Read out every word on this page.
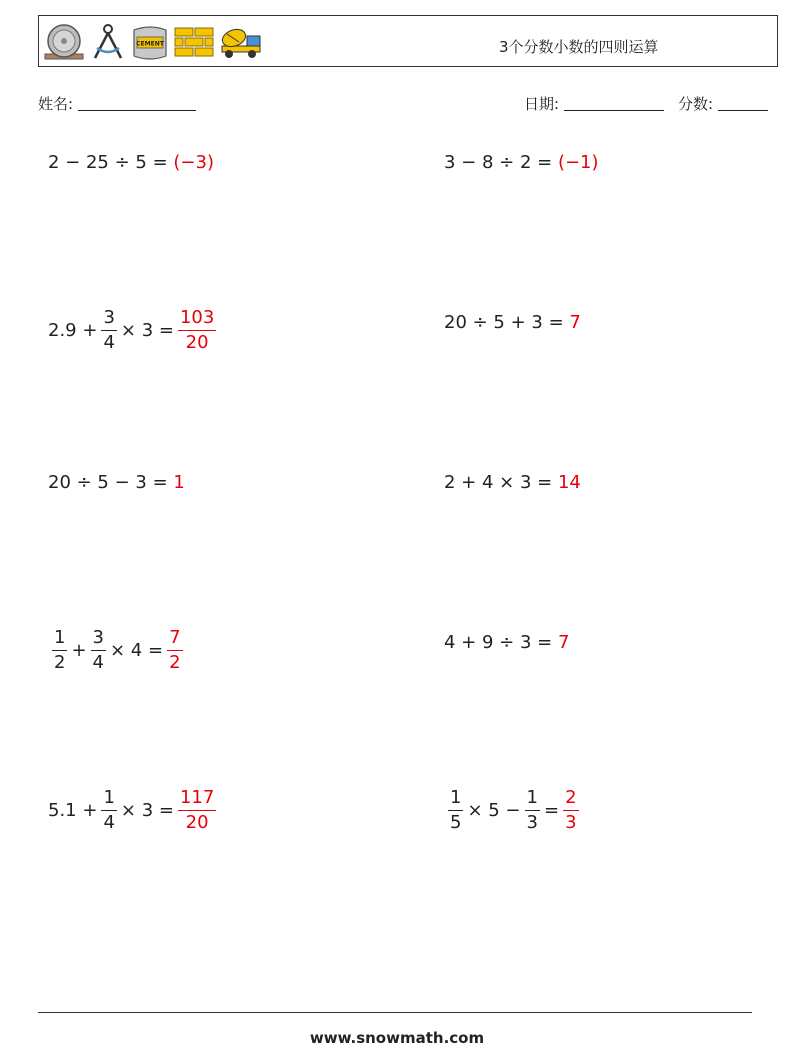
CEMENT	3个分数小数的四则运算
姓名:	日期:	分数:
2 − 25 ÷ 5 =
(−3)
$2.9 + \frac{3}{4} \times 3 = \frac{103}{20}$
20 ÷ 5 − 3 =
1
$\frac{1}{2} + \frac{3}{4} \times 4 = \frac{7}{2}$
$5.1 + \frac{1}{4} \times 3 = \frac{117}{20}$
3 − 8 ÷ 2 =
(−1)
20 ÷ 5 + 3 =
7
2 + 4 × 3 =
14
4 + 9 ÷ 3 =
7
$\frac{1}{5} \times 5 - \frac{1}{3} = \frac{2}{3}$
www.snowmath.com
